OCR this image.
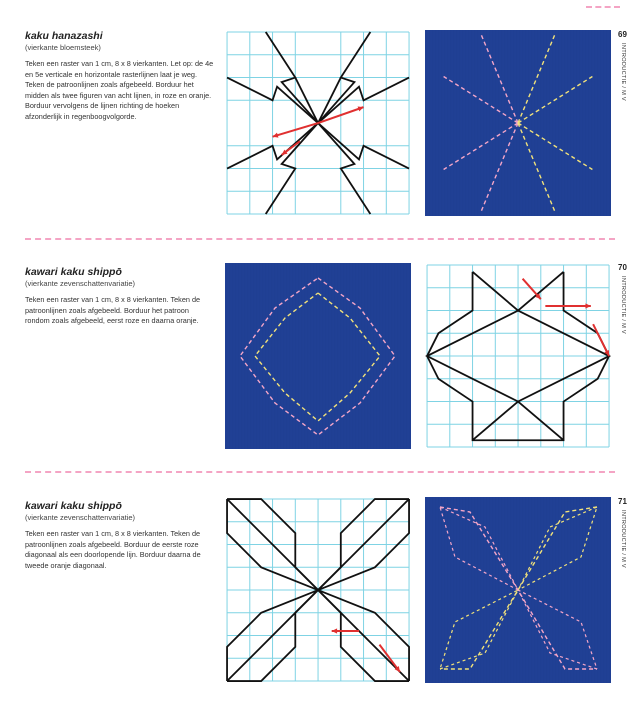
kaku hanazashi

(vierkante bloemsteek)

Teken een raster van 1 cm, 8 x 8 vierkanten. Let op: de 4e en 5e verticale en horizontale rasterlijnen laat je weg. Teken de patroonlijnen zoals afgebeeld. Borduur het midden als twee figuren van acht lijnen, in roze en oranje. Borduur vervolgens de lijnen richting de hoeken afzonderlijk in regenboogvolgorde.

69
INTRODUCTIE / M V

kawari kaku shippō

(vierkante zevenschattenvariatie)

Teken een raster van 1 cm, 8 x 8 vierkanten. Teken de patroonlijnen zoals afgebeeld. Borduur het patroon rondom zoals afgebeeld, eerst roze en daarna oranje.

70
INTRODUCTIE / M V

kawari kaku shippō

(vierkante zevenschattenvariatie)

Teken een raster van 1 cm, 8 x 8 vierkanten. Teken de patroonlijnen zoals afgebeeld. Borduur de eerste roze diagonaal als een doorlopende lijn. Borduur daarna de tweede oranje diagonaal.

71
INTRODUCTIE / M V
